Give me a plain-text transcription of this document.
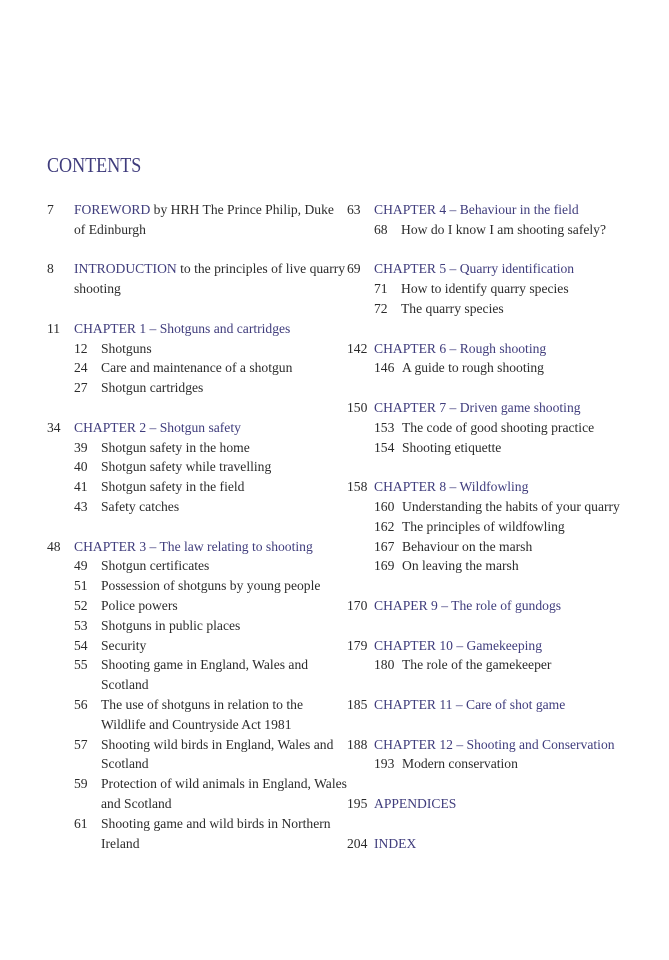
CONTENTS
7 FOREWORD by HRH The Prince Philip, Duke of Edinburgh
8 INTRODUCTION to the principles of live quarry shooting
11 CHAPTER 1 – Shotguns and cartridges
12 Shotguns
24 Care and maintenance of a shotgun
27 Shotgun cartridges
34 CHAPTER 2 – Shotgun safety
39 Shotgun safety in the home
40 Shotgun safety while travelling
41 Shotgun safety in the field
43 Safety catches
48 CHAPTER 3 – The law relating to shooting
49 Shotgun certificates
51 Possession of shotguns by young people
52 Police powers
53 Shotguns in public places
54 Security
55 Shooting game in England, Wales and Scotland
56 The use of shotguns in relation to the Wildlife and Countryside Act 1981
57 Shooting wild birds in England, Wales and Scotland
59 Protection of wild animals in England, Wales and Scotland
61 Shooting game and wild birds in Northern Ireland
63 CHAPTER 4 – Behaviour in the field
68 How do I know I am shooting safely?
69 CHAPTER 5 – Quarry identification
71 How to identify quarry species
72 The quarry species
142 CHAPTER 6 – Rough shooting
146 A guide to rough shooting
150 CHAPTER 7 – Driven game shooting
153 The code of good shooting practice
154 Shooting etiquette
158 CHAPTER 8 – Wildfowling
160 Understanding the habits of your quarry
162 The principles of wildfowling
167 Behaviour on the marsh
169 On leaving the marsh
170 CHAPER 9 – The role of gundogs
179 CHAPTER 10 – Gamekeeping
180 The role of the gamekeeper
185 CHAPTER 11 – Care of shot game
188 CHAPTER 12 – Shooting and Conservation
193 Modern conservation
195 APPENDICES
204 INDEX
